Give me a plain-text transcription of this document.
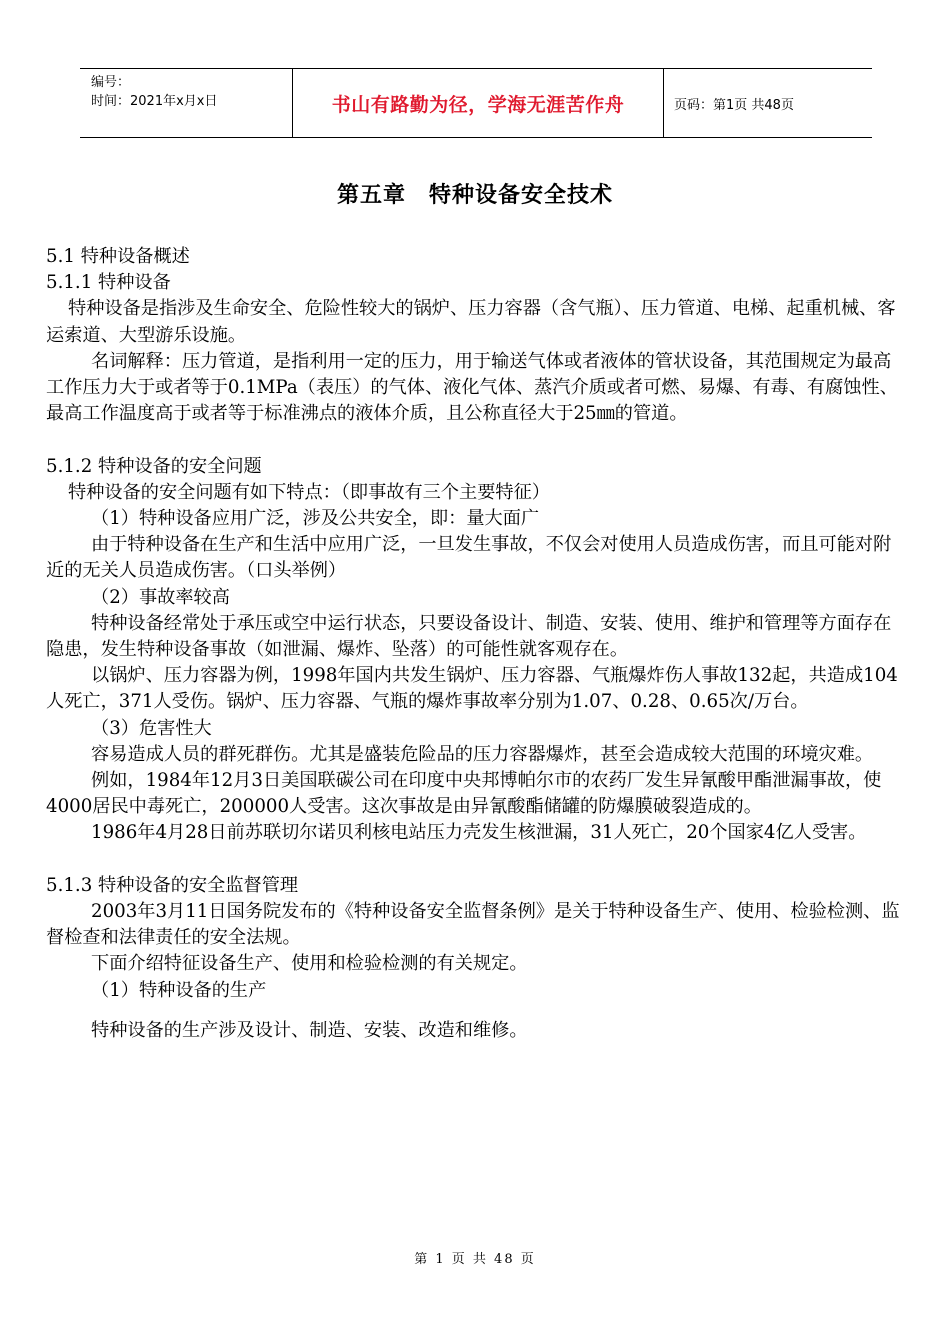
编号：
时间：2021年x月x日	书山有路勤为径，学海无涯苦作舟	页码：第1页 共48页
第五章　特种设备安全技术

5.1 特种设备概述

5.1.1 特种设备

特种设备是指涉及生命安全、危险性较大的锅炉、压力容器（含气瓶）、压力管道、电梯、起重机械、客运索道、大型游乐设施。

名词解释：压力管道，是指利用一定的压力，用于输送气体或者液体的管状设备，其范围规定为最高工作压力大于或者等于0.1MPa（表压）的气体、液化气体、蒸汽介质或者可燃、易爆、有毒、有腐蚀性、最高工作温度高于或者等于标准沸点的液体介质，且公称直径大于25㎜的管道。

5.1.2 特种设备的安全问题

特种设备的安全问题有如下特点：（即事故有三个主要特征）

（1）特种设备应用广泛，涉及公共安全，即：量大面广

由于特种设备在生产和生活中应用广泛，一旦发生事故，不仅会对使用人员造成伤害，而且可能对附近的无关人员造成伤害。（口头举例）

（2）事故率较高

特种设备经常处于承压或空中运行状态，只要设备设计、制造、安装、使用、维护和管理等方面存在隐患，发生特种设备事故（如泄漏、爆炸、坠落）的可能性就客观存在。

以锅炉、压力容器为例，1998年国内共发生锅炉、压力容器、气瓶爆炸伤人事故132起，共造成104人死亡，371人受伤。锅炉、压力容器、气瓶的爆炸事故率分别为1.07、0.28、0.65次/万台。

（3）危害性大

容易造成人员的群死群伤。尤其是盛装危险品的压力容器爆炸，甚至会造成较大范围的环境灾难。

例如，1984年12月3日美国联碳公司在印度中央邦博帕尔市的农药厂发生异氰酸甲酯泄漏事故，使4000居民中毒死亡，200000人受害。这次事故是由异氰酸酯储罐的防爆膜破裂造成的。

1986年4月28日前苏联切尔诺贝利核电站压力壳发生核泄漏，31人死亡，20个国家4亿人受害。

5.1.3 特种设备的安全监督管理

2003年3月11日国务院发布的《特种设备安全监督条例》是关于特种设备生产、使用、检验检测、监督检查和法律责任的安全法规。

下面介绍特征设备生产、使用和检验检测的有关规定。

（1）特种设备的生产

特种设备的生产涉及设计、制造、安装、改造和维修。

第 1 页 共 48 页
